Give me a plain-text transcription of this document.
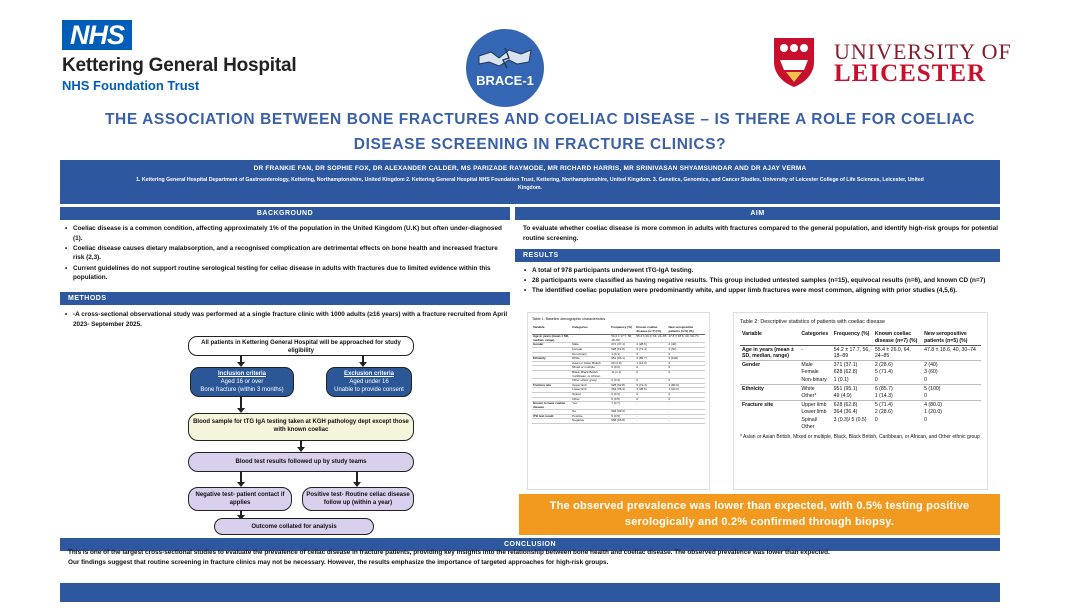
NHS
Kettering General Hospital
NHS Foundation Trust	BRACE-1
UNIVERSITY OF
LEICESTER
THE ASSOCIATION BETWEEN BONE FRACTURES AND COELIAC DISEASE – IS THERE A ROLE FOR COELIAC DISEASE SCREENING IN FRACTURE CLINICS?
DR FRANKIE FAN, DR SOPHIE FOX, DR ALEXANDER CALDER, MS PARIZADE RAYMODE, MR RICHARD HARRIS, MR SRINIVASAN SHYAMSUNDAR AND DR AJAY VERMA
1. Kettering General Hospital Department of Gastroenterology, Kettering, Northamptonshire, United Kingdom 2. Kettering General Hospital NHS Foundation Trust, Kettering, Northamptonshire, United Kingdom. 3. Genetics, Genomics, and Cancer Studies, University of Leicester College of Life Sciences, Leicester, United Kingdom.
BACKGROUND	AIM
• Coeliac disease is a common condition, affecting approximately 1% of the population in the United Kingdom (U.K) but often under-diagnosed (1).
• Coeliac disease causes dietary malabsorption, and a recognised complication are detrimental effects on bone health and increased fracture risk (2,3).
• Current guidelines do not support routine serological testing for celiac disease in adults with fractures due to limited evidence within this population.
To evaluate whether coeliac disease is more common in adults with fractures compared to the general population, and identify high-risk groups for potential routine screening.
RESULTS
• A total of 978 participants underwent tTG-IgA testing.
• 28 participants were classified as having negative results. This group included untested samples (n=15), equivocal results (n=6), and known CD (n=7)
• The identified coeliac population were predominantly white, and upper limb fractures were most common, aligning with prior studies (4,5,6).
METHODS
• -A cross-sectional observational study was performed at a single fracture clinic with 1000 adults (≥16 years) with a fracture recruited from April 2023- September 2025.
All patients in Kettering General Hospital will be approached for study eligibility
Inclusion criteria
Aged 16 or over
Bone fracture (within 3 months)
Exclusion criteria
Aged under 16
Unable to provide consent
Blood sample for tTG IgA testing taken at KGH pathology dept except those with known coeliac
Blood test results followed up by study teams
Negative test- patient contact if applies
Positive test- Routine celiac disease follow up (within a year)
Outcome collated for analysis
Table 1: Baseline demographic characteristics
Variable	Categories	Frequency (%)	Known coeliac disease (n=7) (%)	New seropositive patients (n=5) (%)
Age in years (mean ± SD, median, range)	-	54.2 ± 17.7, 56, 18–89	55.4 ± 26.0, 64, 24–85	47.8 ± 18.6, 40, 30–74
Gender	Male	371 (37.1)	2 (28.6)	2 (40)
	Female	628 (62.8)	5 (71.4)	3 (60)
	Non-binary	1 (0.1)	0	0
Ethnicity	White	951 (95.1)	6 (85.7)	5 (100)
	Asian or Asian British	29 (2.9)	1 (14.3)	0
	Mixed or multiple	6 (0.6)	0	0
	Black, Black British, Caribbean, or African	11 (1.1)	0	0
	Other ethnic group	3 (0.3)	0	0
Fracture site	Upper limb	628 (62.8)	5 (71.4)	4 (80.0)
	Lower limb	364 (36.4)	2 (28.6)	1 (20.0)
	Spinal	3 (0.3)	0	0
	Other	5 (0.5)	0	0
Known to have coeliac disease	Yes	7 (0.7)	-	-
	No	993 (99.3)	-	-
tTG test result	Positive	5 (0.5)	-	-
	Negative	968 (96.8)	-	-
Table 2: Descriptive statistics of patients with coeliac disease
Variable	Categories	Frequency (%)	Known coeliac disease (n=7) (%)	New seropositive patients (n=5) (%)
Age in years (mean ± SD, median, range)	-	54.2 ± 17.7, 56, 18–89	55.4 ± 26.0, 64, 24–85	47.8 ± 18.6, 40, 30–74
Gender	Male	371 (37.1)	2 (28.6)	2 (40)
	Female	628 (62.8)	5 (71.4)	3 (60)
	Non-binary	1 (0.1)	0	0
Ethnicity	White	951 (95.1)	6 (85.7)	5 (100)
	Other*	49 (4.9)	1 (14.3)	0
Fracture site	Upper limb	628 (62.8)	5 (71.4)	4 (80.0)
	Lower limb	364 (36.4)	2 (28.6)	1 (20.0)
	Spinal/ Other	3 (0.3)/ 5 (0.5)	0	0
* Asian or Asian British, Mixed or multiple, Black, Black British, Caribbean, or African, and Other ethnic group
The observed prevalence was lower than expected, with 0.5% testing positive serologically and 0.2% confirmed through biopsy.
CONCLUSION
This is one of the largest cross-sectional studies to evaluate the prevalence of celiac disease in fracture patients, providing key insights into the relationship between bone health and coeliac disease. The observed prevalence was lower than expected.
Our findings suggest that routine screening in fracture clinics may not be necessary. However, the results emphasize the importance of targeted approaches for high-risk groups.
